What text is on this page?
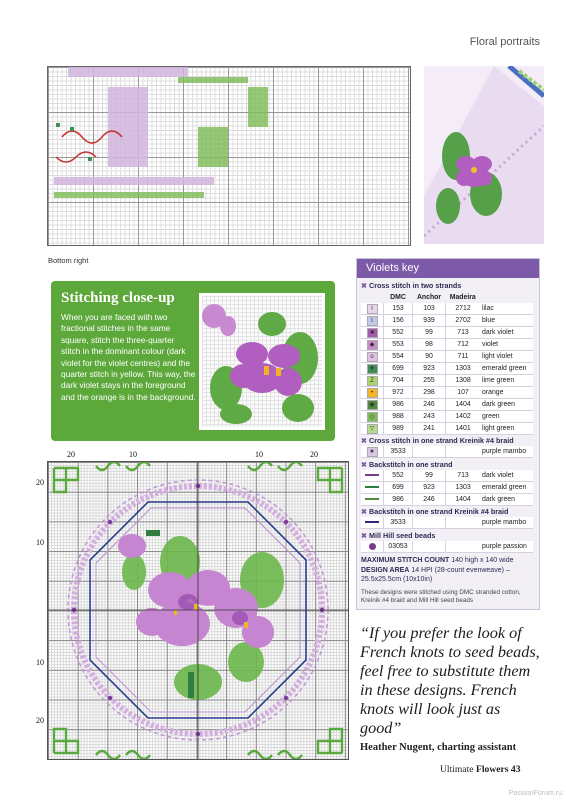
Floral portraits
Bottom right
Stitching close-up
When you are faced with two fractional stitches in the same square, stitch the three-quarter stitch in the dominant colour (dark violet for the violet centres) and the quarter stitch in yellow. This way, the dark violet stays in the foreground and the orange is in the background.
Violets key
✖ Cross stitch in two strands
	DMC	Anchor	Madeira	
I	153	103	2712	lilac
t	156	939	2702	blue
■	552	99	713	dark violet
◆	553	98	712	violet
o	554	90	711	light violet
▼	699	923	1303	emerald green
Z	704	255	1308	lime green
•	972	298	107	orange
◆	986	246	1404	dark green
◇	988	243	1402	green
▽	989	241	1401	light green
✖ Cross stitch in one strand Kreinik #4 braid
★	3533			purple mambo
✖ Backstitch in one strand
	552	99	713	dark violet
	699	923	1303	emerald green
	986	246	1404	dark green
✖ Backstitch in one strand Kreinik #4 braid
	3533			purple mambo
✖ Mill Hill seed beads
	03053			purple passion
MAXIMUM STITCH COUNT 140 high x 140 wide
DESIGN AREA 14 HPI (28-count evenweave) – 25.5x25.5cm (10x10in)
These designs were stitched using DMC stranded cotton, Kreinik #4 braid and Mill Hill seed beads
20	10	10	20
20
10
10
20
“If you prefer the look of French knots to seed beads, feel free to substitute them in these designs. French knots will look just as good”
Heather Nugent, charting assistant
Ultimate Flowers 43
PassionForum.ru
